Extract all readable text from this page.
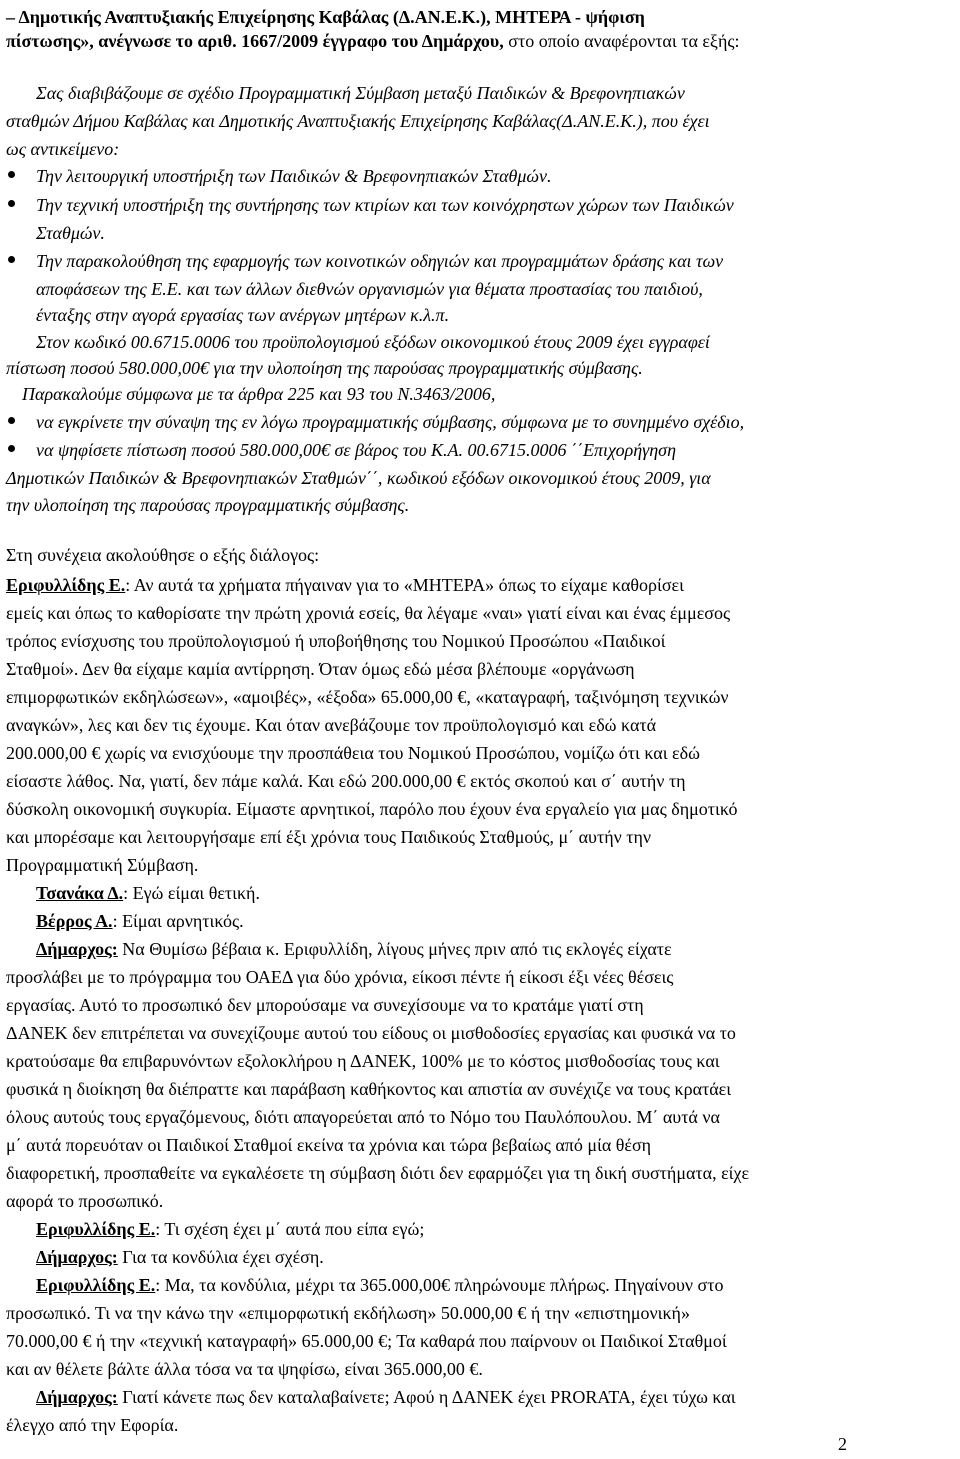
– Δημοτικής Αναπτυξιακής Επιχείρησης Καβάλας (Δ.ΑΝ.Ε.Κ.), ΜΗΤΕΡΑ - ψήφιση
πίστωσης», ανέγνωσε το αριθ. 1667/2009 έγγραφο του Δημάρχου, στο οποίο αναφέρονται τα εξής:
Σας διαβιβάζουμε σε σχέδιο Προγραμματική Σύμβαση μεταξύ Παιδικών & Βρεφονηπιακών
σταθμών Δήμου Καβάλας και Δημοτικής Αναπτυξιακής Επιχείρησης Καβάλας(Δ.ΑΝ.Ε.Κ.), που έχει
ως αντικείμενο:
Την λειτουργική υποστήριξη των Παιδικών & Βρεφονηπιακών Σταθμών.
Την τεχνική υποστήριξη της συντήρησης των κτιρίων και των κοινόχρηστων χώρων των Παιδικών
Σταθμών.
Την παρακολούθηση της εφαρμογής των κοινοτικών οδηγιών και προγραμμάτων δράσης και των
αποφάσεων της Ε.Ε. και των άλλων διεθνών οργανισμών για θέματα προστασίας του παιδιού,
ένταξης στην αγορά εργασίας των ανέργων μητέρων κ.λ.π.
Στον κωδικό 00.6715.0006 του προϋπολογισμού εξόδων οικονομικού έτους 2009 έχει εγγραφεί
πίστωση ποσού 580.000,00€ για την υλοποίηση της παρούσας προγραμματικής σύμβασης.
Παρακαλούμε σύμφωνα με τα άρθρα 225 και 93 του Ν.3463/2006,
να εγκρίνετε την σύναψη της εν λόγω προγραμματικής σύμβασης, σύμφωνα με το συνημμένο σχέδιο,
να ψηφίσετε πίστωση ποσού 580.000,00€ σε βάρος του Κ.Α. 00.6715.0006 ΄΄Επιχορήγηση
Δημοτικών Παιδικών & Βρεφονηπιακών Σταθμών΄΄, κωδικού εξόδων οικονομικού έτους 2009, για
την υλοποίηση της παρούσας προγραμματικής σύμβασης.
Στη συνέχεια ακολούθησε ο εξής διάλογος:
Εριφυλλίδης Ε.: Αν αυτά τα χρήματα πήγαιναν για το «ΜΗΤΕΡΑ» όπως το είχαμε καθορίσει
εμείς και όπως το καθορίσατε την πρώτη χρονιά εσείς, θα λέγαμε «ναι» γιατί είναι και ένας έμμεσος
τρόπος ενίσχυσης του προϋπολογισμού ή υποβοήθησης του Νομικού Προσώπου «Παιδικοί
Σταθμοί». Δεν θα είχαμε καμία αντίρρηση. Όταν όμως εδώ μέσα βλέπουμε «οργάνωση
επιμορφωτικών εκδηλώσεων», «αμοιβές», «έξοδα» 65.000,00 €, «καταγραφή, ταξινόμηση τεχνικών
αναγκών», λες και δεν τις έχουμε. Και όταν ανεβάζουμε τον προϋπολογισμό και εδώ κατά
200.000,00 € χωρίς να ενισχύουμε την προσπάθεια του Νομικού Προσώπου, νομίζω ότι και εδώ
είσαστε λάθος. Να, γιατί, δεν πάμε καλά. Και εδώ 200.000,00 € εκτός σκοπού και σ΄ αυτήν τη
δύσκολη οικονομική συγκυρία. Είμαστε αρνητικοί, παρόλο που έχουν ένα εργαλείο για μας δημοτικό
και μπορέσαμε και λειτουργήσαμε επί έξι χρόνια τους Παιδικούς Σταθμούς, μ΄ αυτήν την
Προγραμματική Σύμβαση.
Τσανάκα Δ.: Εγώ είμαι θετική.
Βέρρος Α.: Είμαι αρνητικός.
Δήμαρχος: Να Θυμίσω βέβαια κ. Εριφυλλίδη, λίγους μήνες πριν από τις εκλογές είχατε
προσλάβει με το πρόγραμμα του ΟΑΕΔ για δύο χρόνια, είκοσι πέντε ή είκοσι έξι νέες θέσεις
εργασίας. Αυτό το προσωπικό δεν μπορούσαμε να συνεχίσουμε να το κρατάμε γιατί στη
ΔΑΝΕΚ δεν επιτρέπεται να συνεχίζουμε αυτού του είδους οι μισθοδοσίες εργασίας και φυσικά να το
κρατούσαμε θα επιβαρυνόντων εξολοκλήρου η ΔΑΝΕΚ, 100% με το κόστος μισθοδοσίας τους και
φυσικά η διοίκηση θα διέπραττε και παράβαση καθήκοντος και απιστία αν συνέχιζε να τους κρατάει
όλους αυτούς τους εργαζόμενους, διότι απαγορεύεται από το Νόμο του Παυλόπουλου. Μ΄ αυτά να
μ΄ αυτά πορευόταν οι Παιδικοί Σταθμοί εκείνα τα χρόνια και τώρα βεβαίως από μία θέση
διαφορετική, προσπαθείτε να εγκαλέσετε τη σύμβαση διότι δεν εφαρμόζει για τη δική συστήματα, είχε
αφορά το προσωπικό.
Εριφυλλίδης Ε.: Τι σχέση έχει μ΄ αυτά που είπα εγώ;
Δήμαρχος: Για τα κονδύλια έχει σχέση.
Εριφυλλίδης Ε.: Μα, τα κονδύλια, μέχρι τα 365.000,00€ πληρώνουμε πλήρως. Πηγαίνουν στο
προσωπικό. Τι να την κάνω την «επιμορφωτική εκδήλωση» 50.000,00 € ή την «επιστημονική»
70.000,00 € ή την «τεχνική καταγραφή» 65.000,00 €; Τα καθαρά που παίρνουν οι Παιδικοί Σταθμοί
και αν θέλετε βάλτε άλλα τόσα να τα ψηφίσω, είναι 365.000,00 €.
Δήμαρχος: Γιατί κάνετε πως δεν καταλαβαίνετε; Αφού η ΔΑΝΕΚ έχει PRORATA, έχει τύχω και
έλεγχο από την Εφορία.
2
